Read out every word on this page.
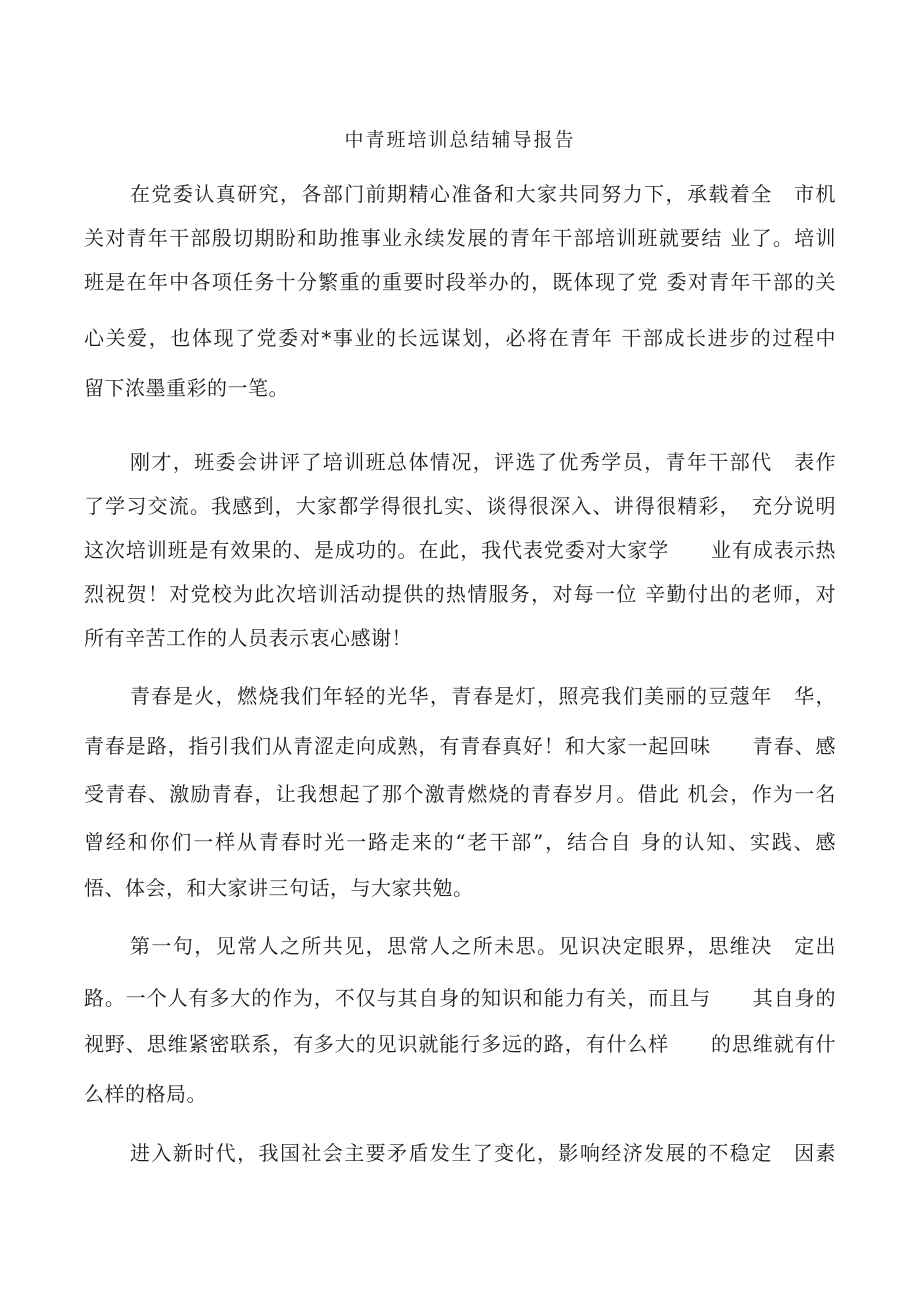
中青班培训总结辅导报告
在党委认真研究，各部门前期精心准备和大家共同努力下，承载着全　市机
关对青年干部殷切期盼和助推事业永续发展的青年干部培训班就要结 业了。培训
班是在年中各项任务十分繁重的重要时段举办的，既体现了党 委对青年干部的关
心关爱，也体现了党委对*事业的长远谋划，必将在青年 干部成长进步的过程中
留下浓墨重彩的一笔。
刚才，班委会讲评了培训班总体情况，评选了优秀学员，青年干部代　表作
了学习交流。我感到，大家都学得很扎实、谈得很深入、讲得很精彩，　充分说明
这次培训班是有效果的、是成功的。在此，我代表党委对大家学　　业有成表示热
烈祝贺！对党校为此次培训活动提供的热情服务，对每一位 辛勤付出的老师，对
所有辛苦工作的人员表示衷心感谢！
青春是火，燃烧我们年轻的光华，青春是灯，照亮我们美丽的豆蔻年　华，
青春是路，指引我们从青涩走向成熟，有青春真好！和大家一起回味　　青春、感
受青春、激励青春，让我想起了那个激青燃烧的青春岁月。借此 机会，作为一名
曾经和你们一样从青春时光一路走来的“老干部”，结合自 身的认知、实践、感
悟、体会，和大家讲三句话，与大家共勉。
第一句，见常人之所共见，思常人之所未思。见识决定眼界，思维决　定出
路。一个人有多大的作为，不仅与其自身的知识和能力有关，而且与　　其自身的
视野、思维紧密联系，有多大的见识就能行多远的路，有什么样　　的思维就有什
么样的格局。
进入新时代，我国社会主要矛盾发生了变化，影响经济发展的不稳定　因素
